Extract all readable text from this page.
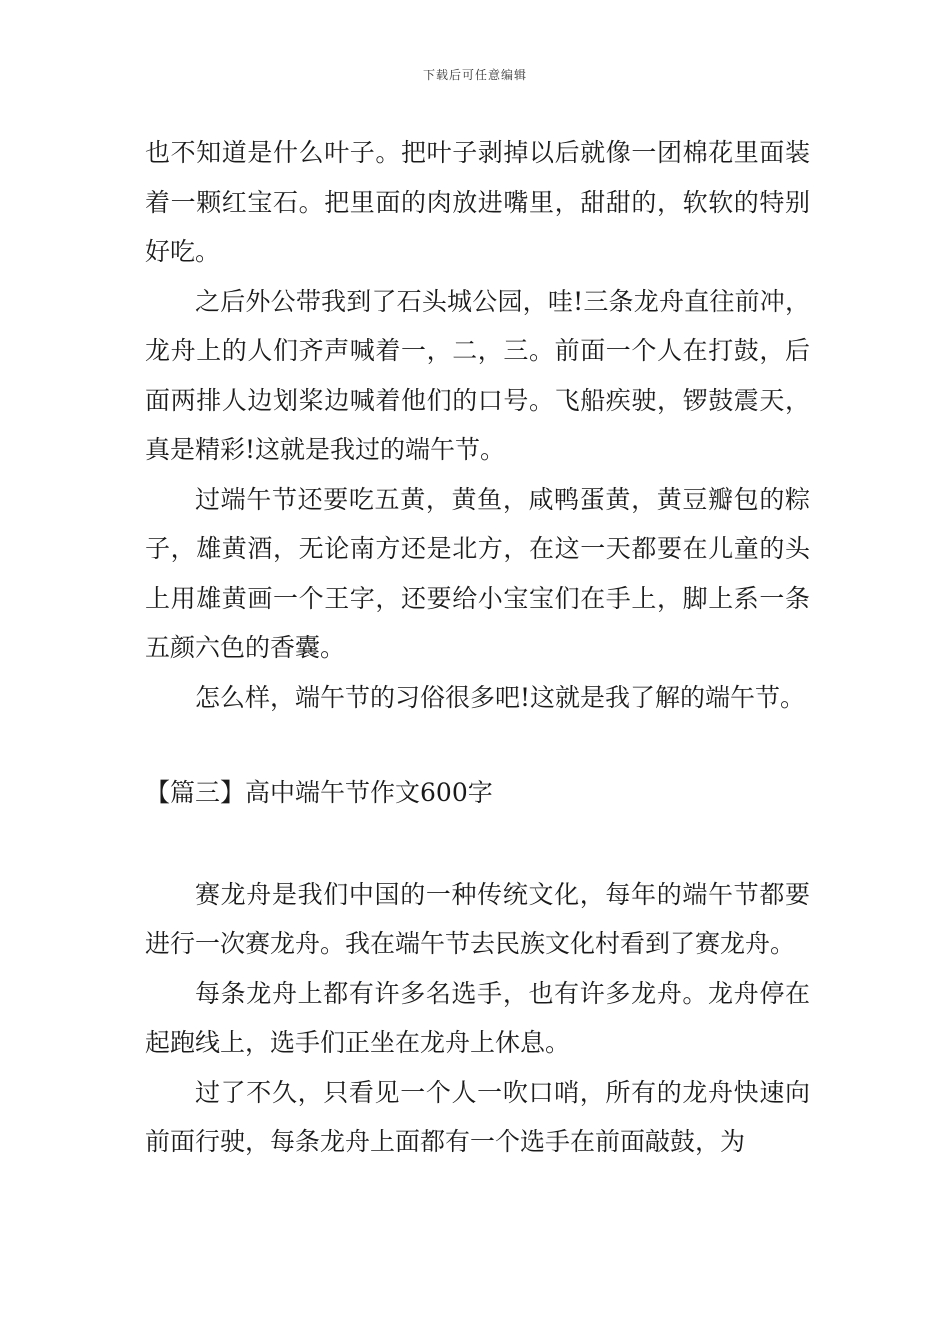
下载后可任意编辑

也不知道是什么叶子。把叶子剥掉以后就像一团棉花里面装着一颗红宝石。把里面的肉放进嘴里，甜甜的，软软的特别好吃。

之后外公带我到了石头城公园，哇!三条龙舟直往前冲，龙舟上的人们齐声喊着一，二，三。前面一个人在打鼓，后面两排人边划桨边喊着他们的口号。飞船疾驶，锣鼓震天，真是精彩!这就是我过的端午节。

过端午节还要吃五黄，黄鱼，咸鸭蛋黄，黄豆瓣包的粽子，雄黄酒，无论南方还是北方，在这一天都要在儿童的头上用雄黄画一个王字，还要给小宝宝们在手上，脚上系一条五颜六色的香囊。

怎么样，端午节的习俗很多吧!这就是我了解的端午节。

【篇三】高中端午节作文600字

赛龙舟是我们中国的一种传统文化，每年的端午节都要进行一次赛龙舟。我在端午节去民族文化村看到了赛龙舟。

每条龙舟上都有许多名选手，也有许多龙舟。龙舟停在起跑线上，选手们正坐在龙舟上休息。

过了不久，只看见一个人一吹口哨，所有的龙舟快速向前面行驶，每条龙舟上面都有一个选手在前面敲鼓，为
